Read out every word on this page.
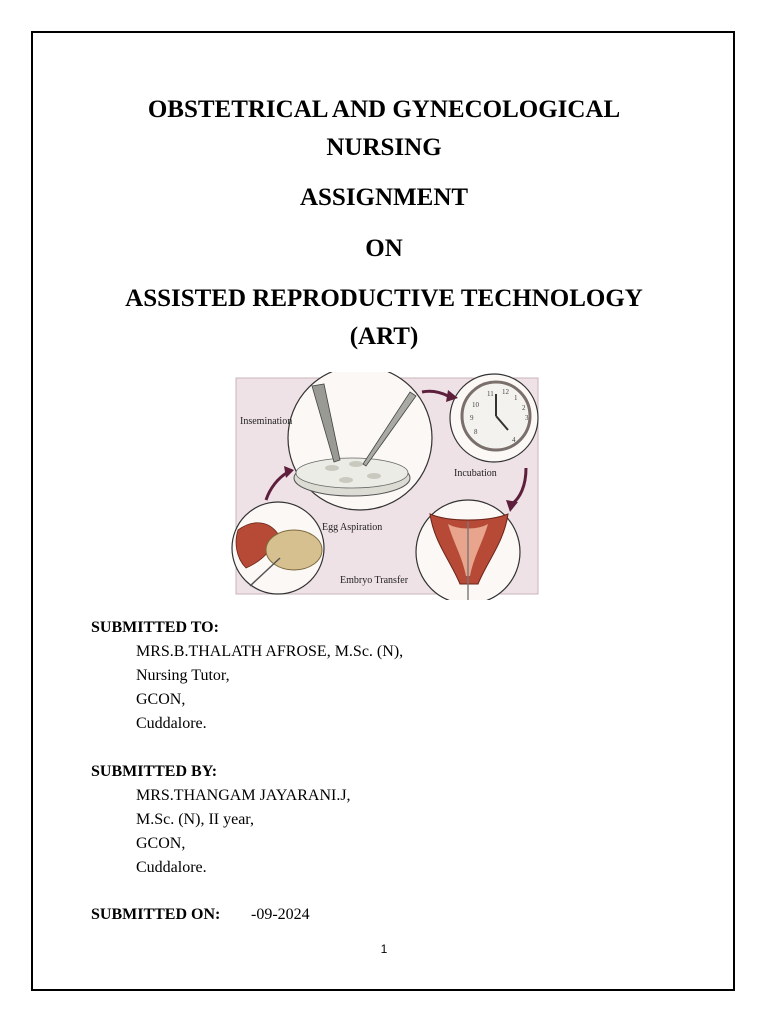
OBSTETRICAL AND GYNECOLOGICAL
NURSING
ASSIGNMENT
ON
ASSISTED REPRODUCTIVE TECHNOLOGY
(ART)
Insemination
11 12
1
2
3
10
9
8
4
Incubation
Egg Aspiration
Embryo Transfer
SUBMITTED TO:
MRS.B.THALATH AFROSE, M.Sc. (N),
Nursing Tutor,
GCON,
Cuddalore.
SUBMITTED BY:
MRS.THANGAM JAYARANI.J,
M.Sc. (N), II year,
GCON,
Cuddalore.
SUBMITTED ON: -09-2024
1
